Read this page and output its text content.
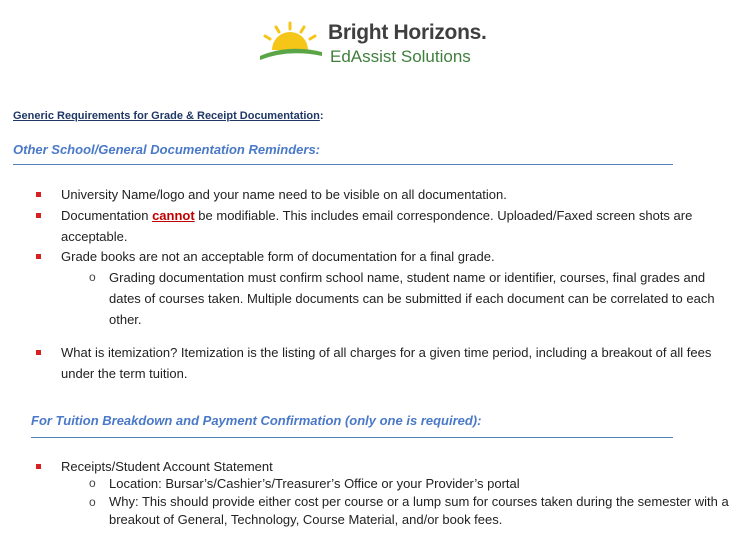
Bright Horizons.
EdAssist Solutions
Generic Requirements for Grade & Receipt Documentation:
Other School/General Documentation Reminders:
University Name/logo and your name need to be visible on all documentation.
Documentation cannot be modifiable. This includes email correspondence. Uploaded/Faxed screen shots are acceptable.
Grade books are not an acceptable form of documentation for a final grade.
o Grading documentation must confirm school name, student name or identifier, courses, final grades and dates of courses taken. Multiple documents can be submitted if each document can be correlated to each other.
What is itemization? Itemization is the listing of all charges for a given time period, including a breakout of all fees under the term tuition.
For Tuition Breakdown and Payment Confirmation (only one is required):
Receipts/Student Account Statement
o Location: Bursar’s/Cashier’s/Treasurer’s Office or your Provider’s portal
o Why: This should provide either cost per course or a lump sum for courses taken during the semester with a breakout of General, Technology, Course Material, and/or book fees.
